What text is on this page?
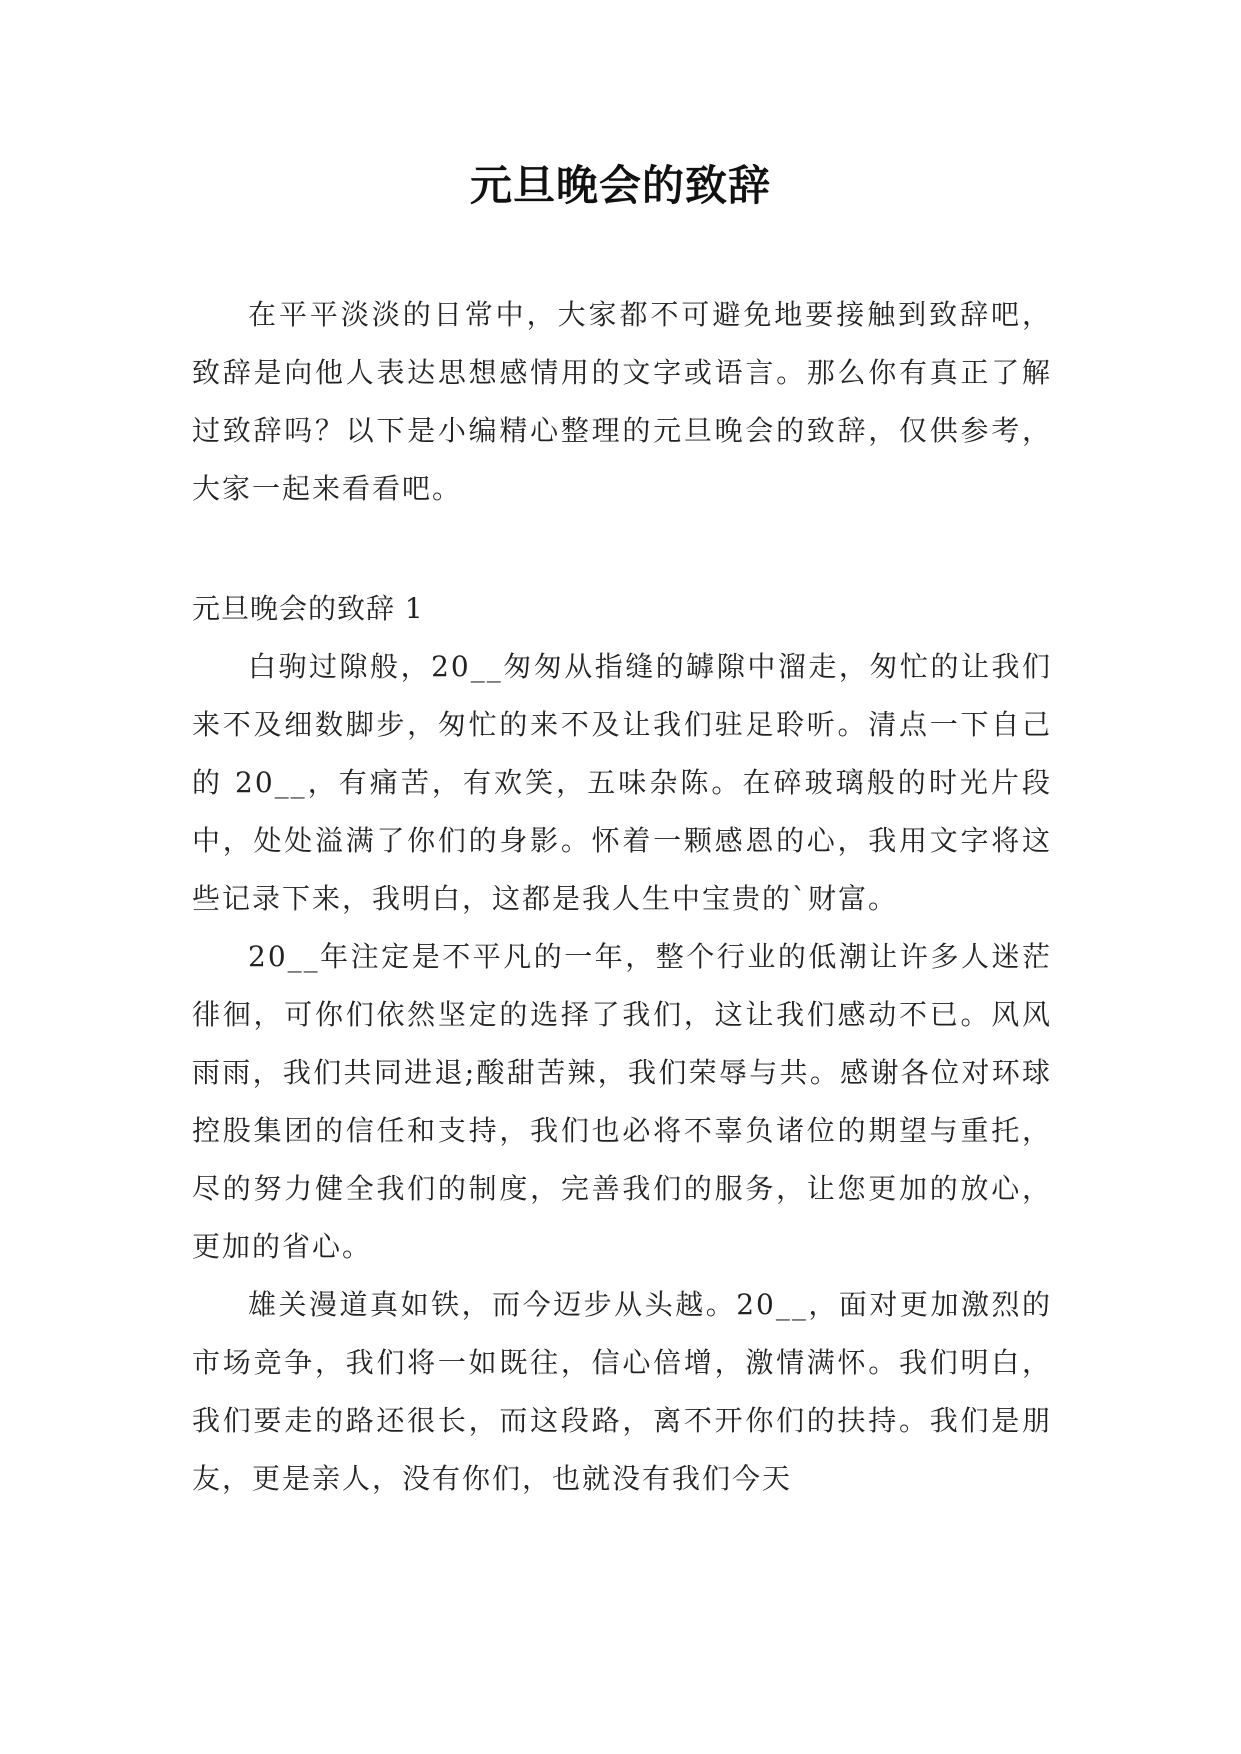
元旦晚会的致辞

在平平淡淡的日常中，大家都不可避免地要接触到致辞吧，致辞是向他人表达思想感情用的文字或语言。那么你有真正了解过致辞吗？以下是小编精心整理的元旦晚会的致辞，仅供参考，大家一起来看看吧。

元旦晚会的致辞 1

白驹过隙般，20__匆匆从指缝的罅隙中溜走，匆忙的让我们来不及细数脚步，匆忙的来不及让我们驻足聆听。清点一下自己的 20__，有痛苦，有欢笑，五味杂陈。在碎玻璃般的时光片段中，处处溢满了你们的身影。怀着一颗感恩的心，我用文字将这些记录下来，我明白，这都是我人生中宝贵的`财富。

20__年注定是不平凡的一年，整个行业的低潮让许多人迷茫徘徊，可你们依然坚定的选择了我们，这让我们感动不已。风风雨雨，我们共同进退;酸甜苦辣，我们荣辱与共。感谢各位对环球控股集团的信任和支持，我们也必将不辜负诸位的期望与重托，尽的努力健全我们的制度，完善我们的服务，让您更加的放心，更加的省心。

雄关漫道真如铁，而今迈步从头越。20__，面对更加激烈的市场竞争，我们将一如既往，信心倍增，激情满怀。我们明白，我们要走的路还很长，而这段路，离不开你们的扶持。我们是朋友，更是亲人，没有你们，也就没有我们今天
